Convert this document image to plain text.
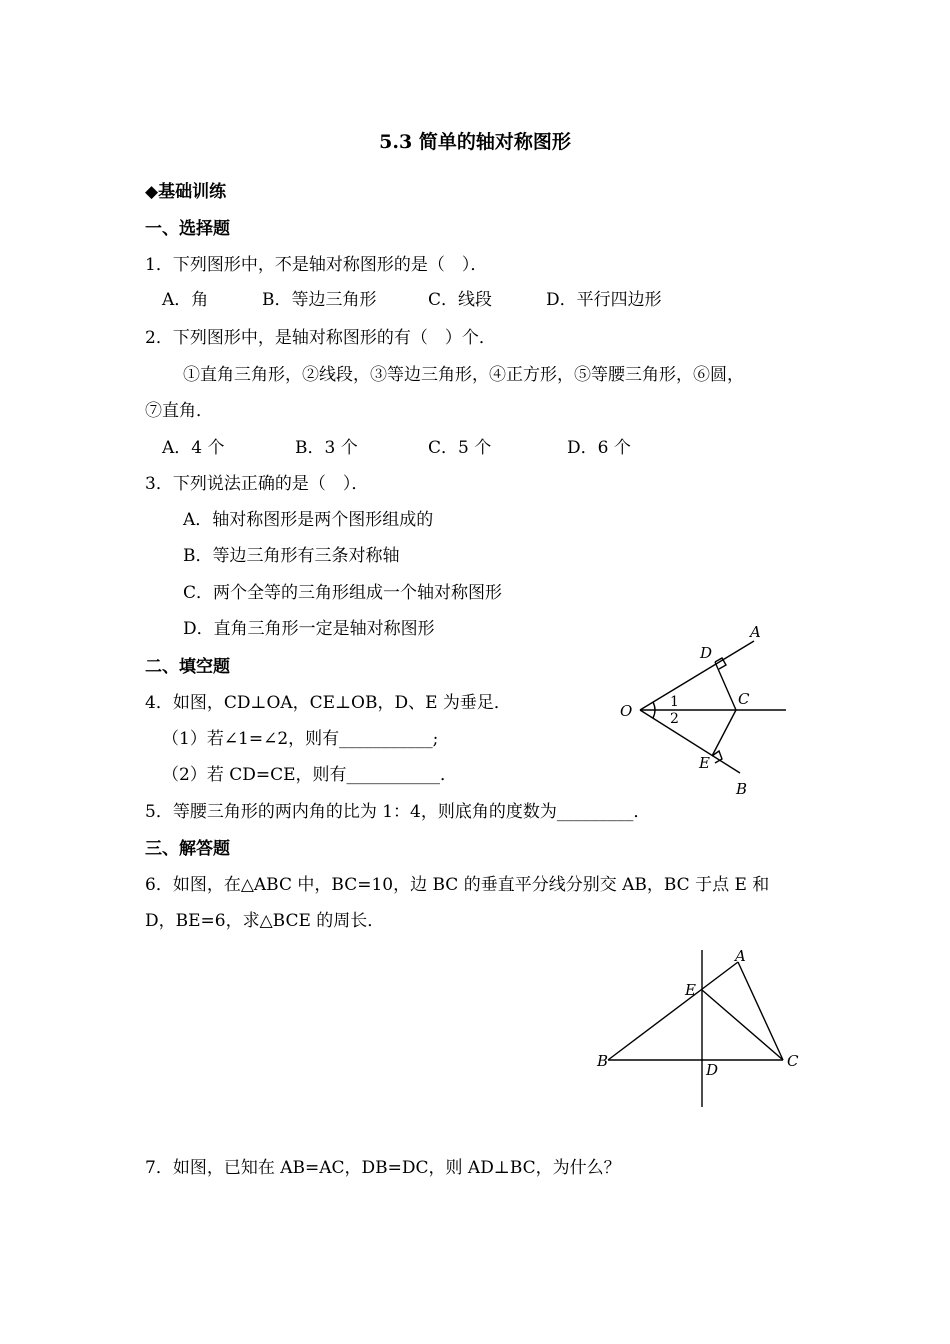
5.3 简单的轴对称图形
◆基础训练
一、选择题
1．下列图形中，不是轴对称图形的是（　）．
A．角	B．等边三角形	C．线段	D．平行四边形
2．下列图形中，是轴对称图形的有（　）个．
①直角三角形，②线段，③等边三角形，④正方形，⑤等腰三角形，⑥圆，
⑦直角．
A．4 个	B．3 个	C．5 个	D．6 个
3．下列说法正确的是（　）．
A．轴对称图形是两个图形组成的
B．等边三角形有三条对称轴
C．两个全等的三角形组成一个轴对称图形
D．直角三角形一定是轴对称图形
二、填空题
4．如图，CD⊥OA，CE⊥OB，D、E 为垂足．
（1）若∠1=∠2，则有___________;
（2）若 CD=CE，则有___________．
5．等腰三角形的两内角的比为 1：4，则底角的度数为_________．
A
D
O
C
1
2
E
B
三、解答题
6．如图，在△ABC 中，BC=10，边 BC 的垂直平分线分别交 AB，BC 于点 E 和
D，BE=6，求△BCE 的周长．
A
E
B	D	C
7．如图，已知在 AB=AC，DB=DC，则 AD⊥BC，为什么？
